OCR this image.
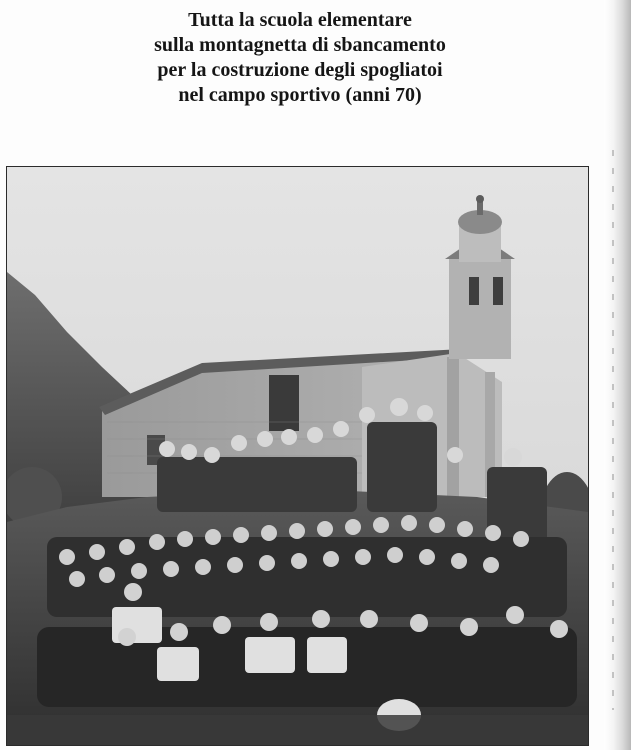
Tutta la scuola elementare
sulla montagnetta di sbancamento
per la costruzione degli spogliatoi
nel campo sportivo (anni 70)
